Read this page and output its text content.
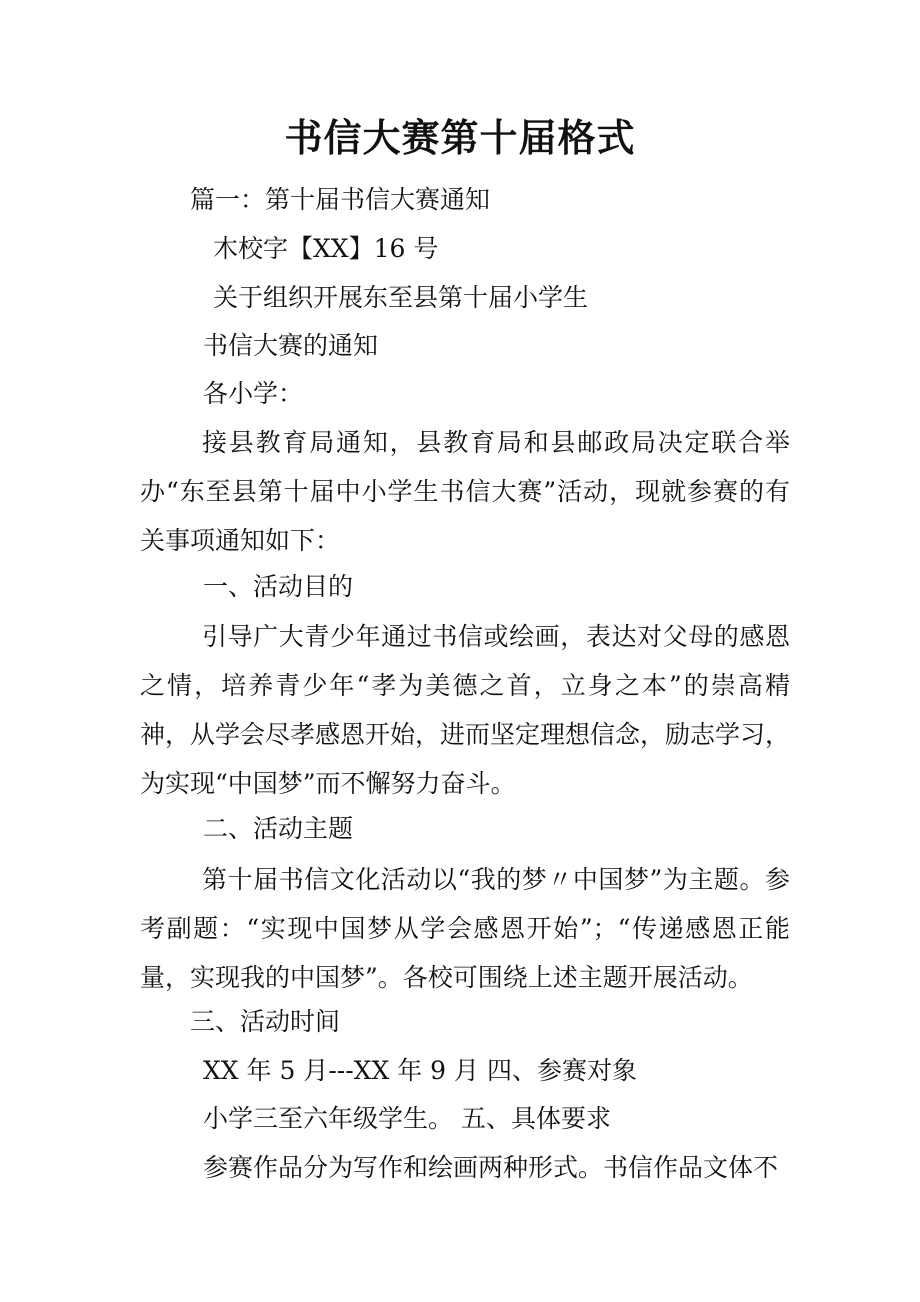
书信大赛第十届格式
篇一：第十届书信大赛通知
木校字【XX】16 号
关于组织开展东至县第十届小学生
书信大赛的通知
各小学：
接县教育局通知，县教育局和县邮政局决定联合举办“东至县第十届中小学生书信大赛”活动，现就参赛的有关事项通知如下：
一、活动目的
引导广大青少年通过书信或绘画，表达对父母的感恩之情，培养青少年“孝为美德之首，立身之本”的崇高精神，从学会尽孝感恩开始，进而坚定理想信念，励志学习，为实现“中国梦”而不懈努力奋斗。
二、活动主题
第十届书信文化活动以“我的梦〃中国梦”为主题。参考副题：“实现中国梦从学会感恩开始”；“传递感恩正能量，实现我的中国梦”。各校可围绕上述主题开展活动。
三、活动时间
XX 年 5 月---XX 年 9 月 四、参赛对象
小学三至六年级学生。 五、具体要求
参赛作品分为写作和绘画两种形式。书信作品文体不
